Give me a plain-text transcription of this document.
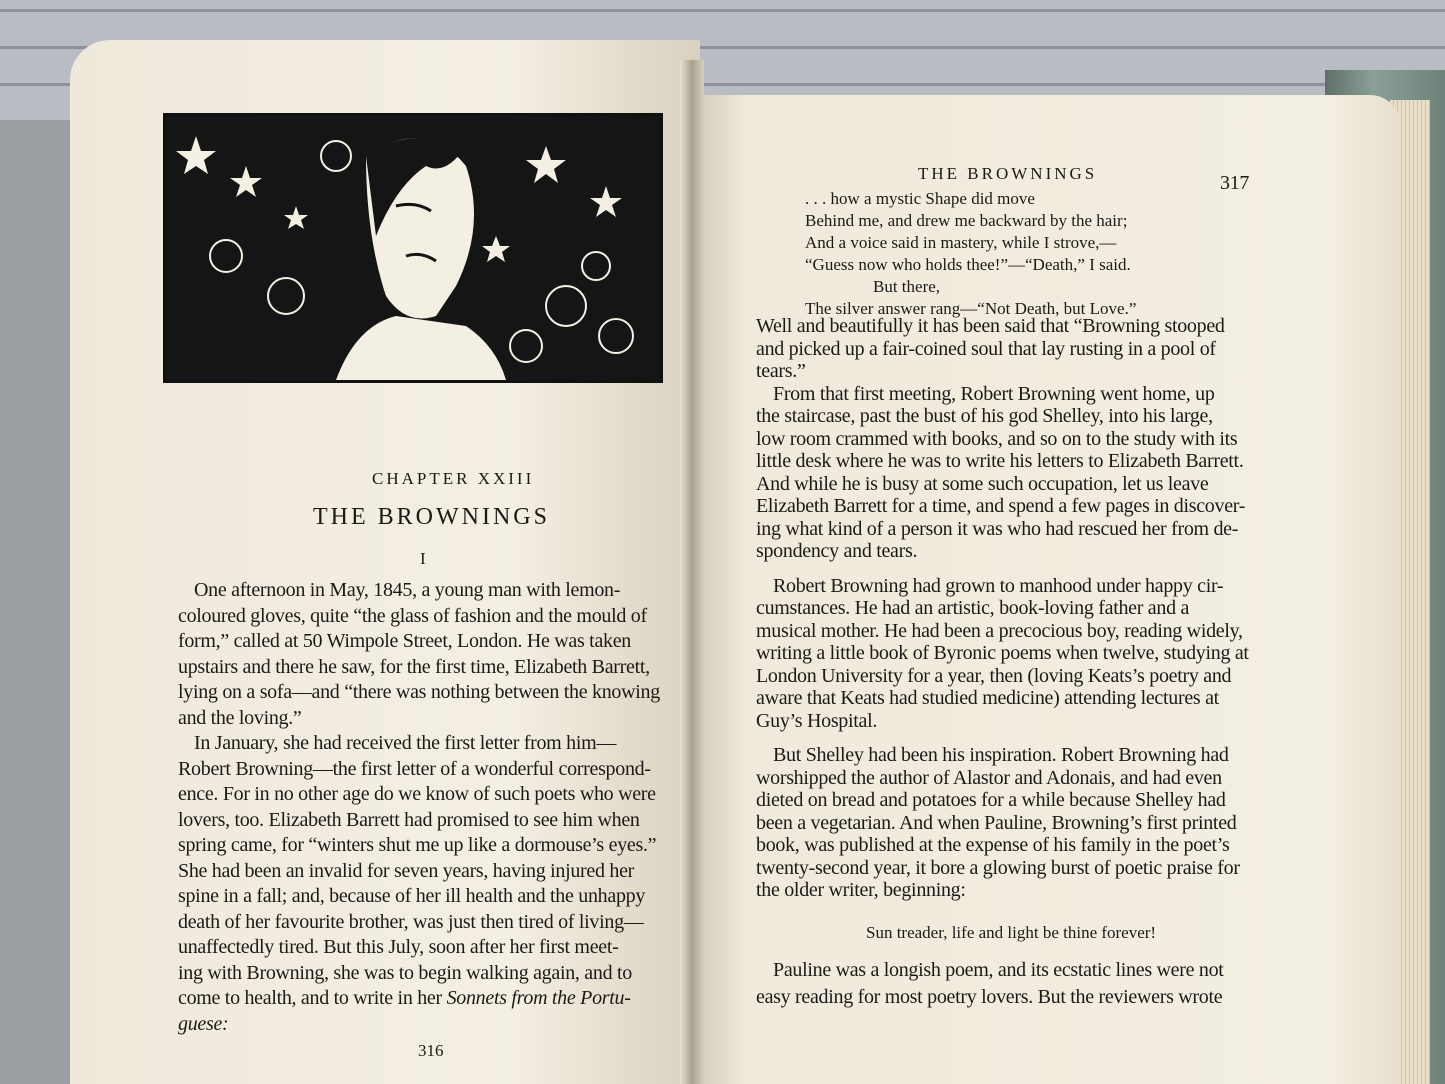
One afternoon in May, 1845, a young man with lemon-
coloured gloves, quite “the glass of fashion and the mould of
form,” called at 50 Wimpole Street, London. He was taken
upstairs and there he saw, for the first time, Elizabeth Barrett,
lying on a sofa—and “there was nothing between the knowing
and the loving.”
In January, she had received the first letter from him—
Robert Browning—the first letter of a wonderful correspond-
ence. For in no other age do we know of such poets who were
lovers, too. Elizabeth Barrett had promised to see him when
spring came, for “winters shut me up like a dormouse’s eyes.”
She had been an invalid for seven years, having injured her
spine in a fall; and, because of her ill health and the unhappy
death of her favourite brother, was just then tired of living—
unaffectedly tired. But this July, soon after her first meet-
ing with Browning, she was to begin walking again, and to
come to health, and to write in her Sonnets from the Portu-
guese:
. . . how a mystic Shape did move
Behind me, and drew me backward by the hair;
And a voice said in mastery, while I strove,—
“Guess now who holds thee!”—“Death,” I said.
But there,
The silver answer rang—“Not Death, but Love.”
Well and beautifully it has been said that “Browning stooped
and picked up a fair-coined soul that lay rusting in a pool of
tears.”
From that first meeting, Robert Browning went home, up
the staircase, past the bust of his god Shelley, into his large,
low room crammed with books, and so on to the study with its
little desk where he was to write his letters to Elizabeth Barrett.
And while he is busy at some such occupation, let us leave
Elizabeth Barrett for a time, and spend a few pages in discover-
ing what kind of a person it was who had rescued her from de-
spondency and tears.
Robert Browning had grown to manhood under happy cir-
cumstances. He had an artistic, book-loving father and a
musical mother. He had been a precocious boy, reading widely,
writing a little book of Byronic poems when twelve, studying at
London University for a year, then (loving Keats’s poetry and
aware that Keats had studied medicine) attending lectures at
Guy’s Hospital.
But Shelley had been his inspiration. Robert Browning had
worshipped the author of Alastor and Adonais, and had even
dieted on bread and potatoes for a while because Shelley had
been a vegetarian. And when Pauline, Browning’s first printed
book, was published at the expense of his family in the poet’s
twenty-second year, it bore a glowing burst of poetic praise for
the older writer, beginning:
Sun treader, life and light be thine forever!
Pauline was a longish poem, and its ecstatic lines were not
easy reading for most poetry lovers. But the reviewers wrote
CHAPTER XXIII
THE BROWNINGS
I
316
THE BROWNINGS	317
